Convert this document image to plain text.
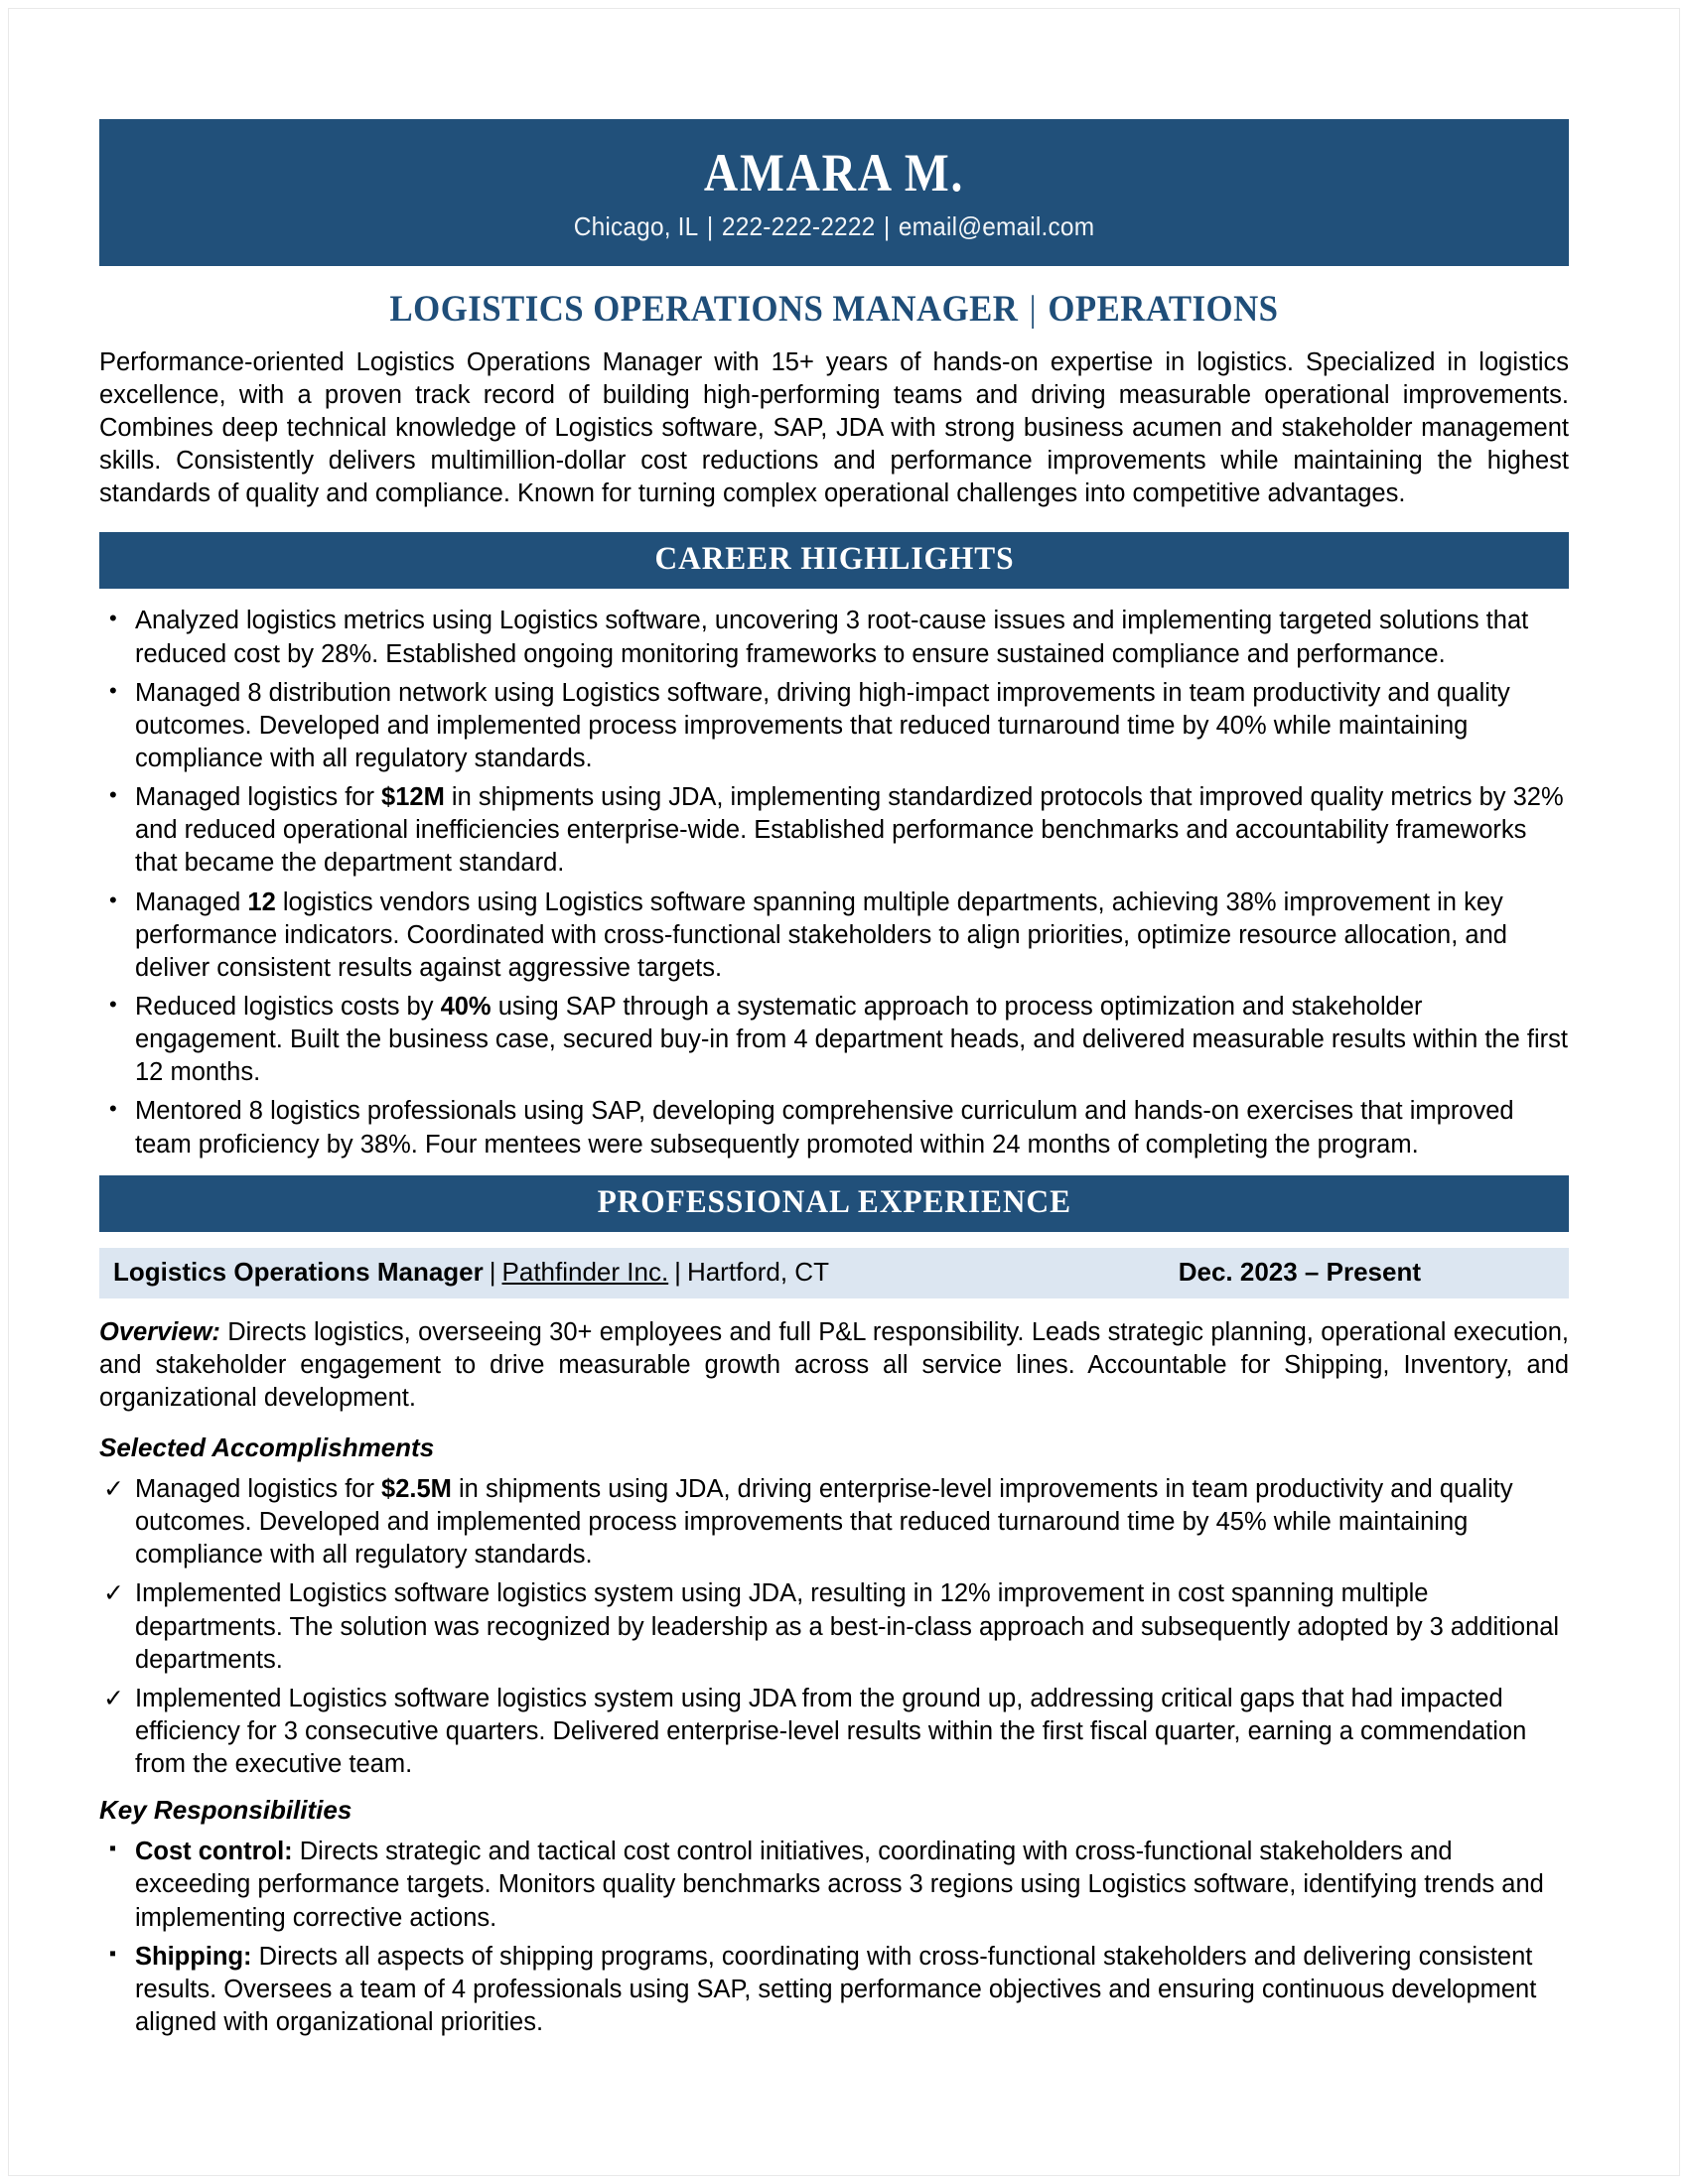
AMARA M.
Chicago, IL | 222-222-2222 | email@email.com
LOGISTICS OPERATIONS MANAGER | OPERATIONS
Performance-oriented Logistics Operations Manager with 15+ years of hands-on expertise in logistics. Specialized in logistics excellence, with a proven track record of building high-performing teams and driving measurable operational improvements. Combines deep technical knowledge of Logistics software, SAP, JDA with strong business acumen and stakeholder management skills. Consistently delivers multimillion-dollar cost reductions and performance improvements while maintaining the highest standards of quality and compliance. Known for turning complex operational challenges into competitive advantages.
CAREER HIGHLIGHTS
• Analyzed logistics metrics using Logistics software, uncovering 3 root-cause issues and implementing targeted solutions that reduced cost by 28%. Established ongoing monitoring frameworks to ensure sustained compliance and performance.
• Managed 8 distribution network using Logistics software, driving high-impact improvements in team productivity and quality outcomes. Developed and implemented process improvements that reduced turnaround time by 40% while maintaining compliance with all regulatory standards.
• Managed logistics for $12M in shipments using JDA, implementing standardized protocols that improved quality metrics by 32% and reduced operational inefficiencies enterprise-wide. Established performance benchmarks and accountability frameworks that became the department standard.
• Managed 12 logistics vendors using Logistics software spanning multiple departments, achieving 38% improvement in key performance indicators. Coordinated with cross-functional stakeholders to align priorities, optimize resource allocation, and deliver consistent results against aggressive targets.
• Reduced logistics costs by 40% using SAP through a systematic approach to process optimization and stakeholder engagement. Built the business case, secured buy-in from 4 department heads, and delivered measurable results within the first 12 months.
• Mentored 8 logistics professionals using SAP, developing comprehensive curriculum and hands-on exercises that improved team proficiency by 38%. Four mentees were subsequently promoted within 24 months of completing the program.
PROFESSIONAL EXPERIENCE
Logistics Operations Manager | Pathfinder Inc. | Hartford, CT	Dec. 2023 – Present
Overview: Directs logistics, overseeing 30+ employees and full P&L responsibility. Leads strategic planning, operational execution, and stakeholder engagement to drive measurable growth across all service lines. Accountable for Shipping, Inventory, and organizational development.
Selected Accomplishments
✓ Managed logistics for $2.5M in shipments using JDA, driving enterprise-level improvements in team productivity and quality outcomes. Developed and implemented process improvements that reduced turnaround time by 45% while maintaining compliance with all regulatory standards.
✓ Implemented Logistics software logistics system using JDA, resulting in 12% improvement in cost spanning multiple departments. The solution was recognized by leadership as a best-in-class approach and subsequently adopted by 3 additional departments.
✓ Implemented Logistics software logistics system using JDA from the ground up, addressing critical gaps that had impacted efficiency for 3 consecutive quarters. Delivered enterprise-level results within the first fiscal quarter, earning a commendation from the executive team.
Key Responsibilities
▪ Cost control: Directs strategic and tactical cost control initiatives, coordinating with cross-functional stakeholders and exceeding performance targets. Monitors quality benchmarks across 3 regions using Logistics software, identifying trends and implementing corrective actions.
▪ Shipping: Directs all aspects of shipping programs, coordinating with cross-functional stakeholders and delivering consistent results. Oversees a team of 4 professionals using SAP, setting performance objectives and ensuring continuous development aligned with organizational priorities.
